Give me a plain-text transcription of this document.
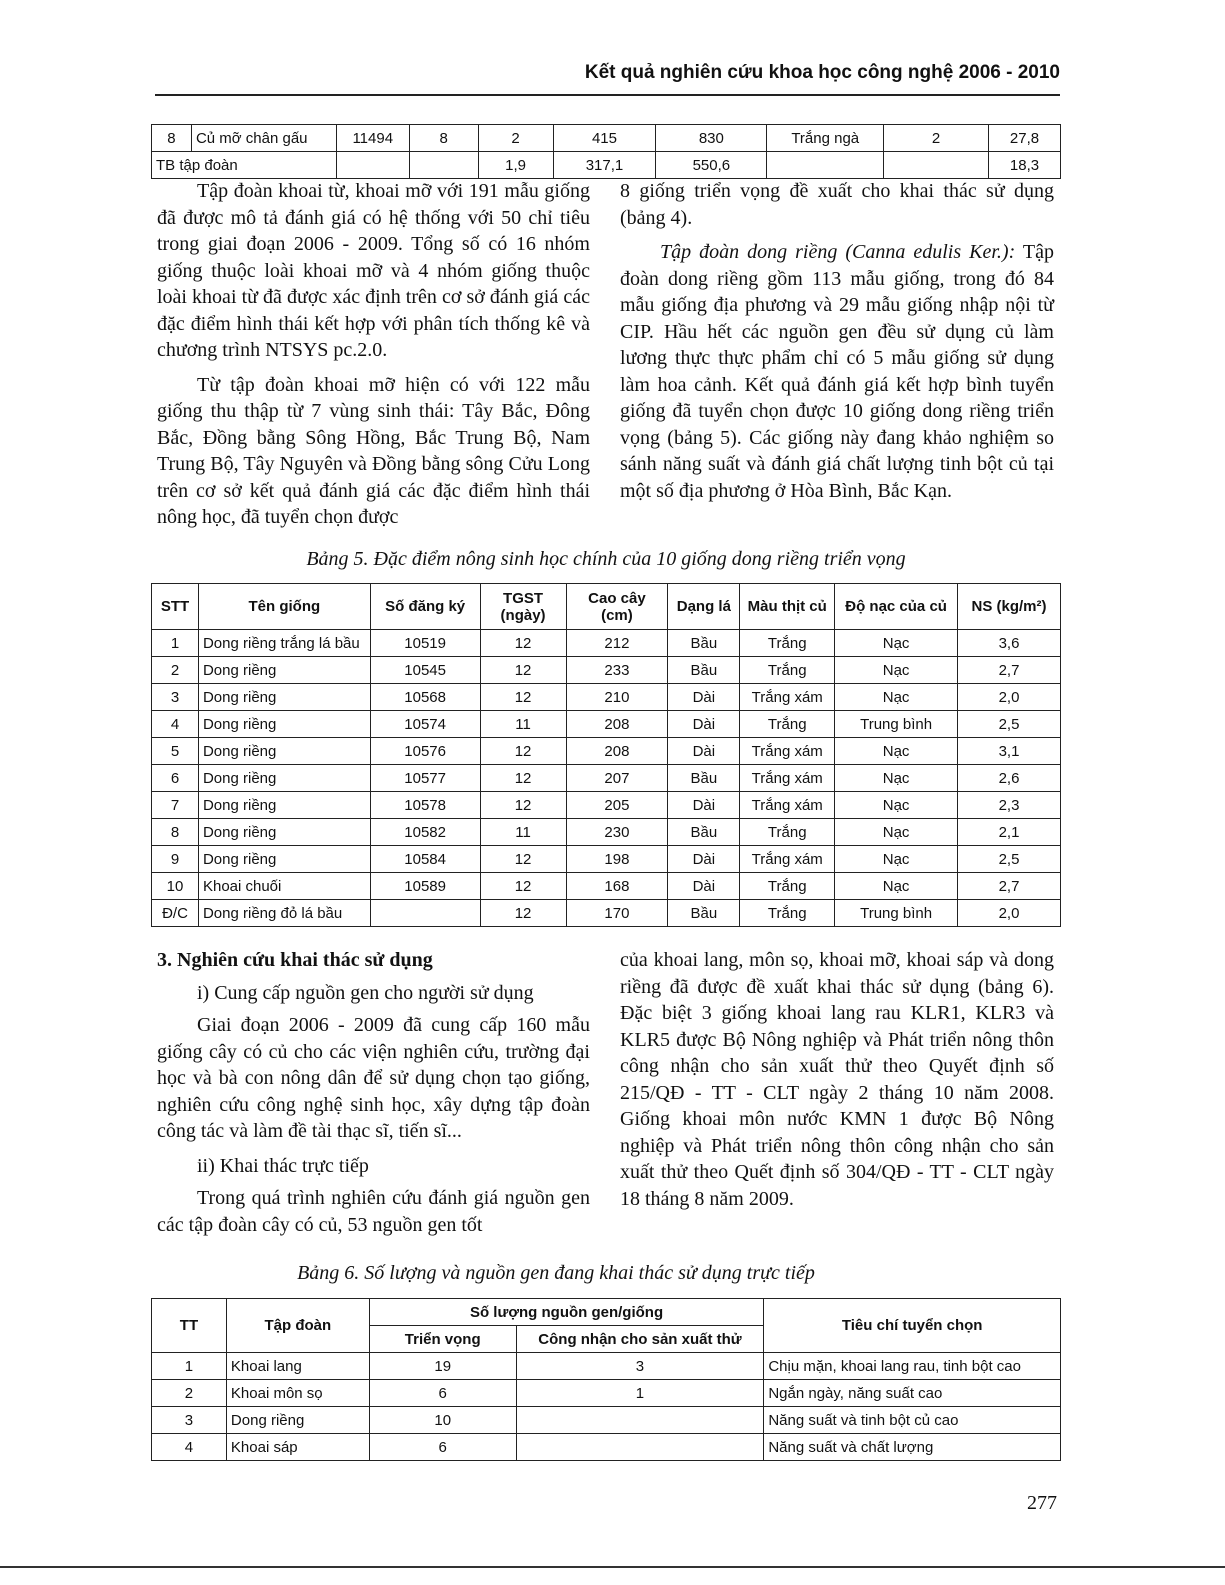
Kết quả nghiên cứu khoa học công nghệ 2006 - 2010
8	Củ mỡ chân gấu	11494	8	2	415	830	Trắng ngà	2	27,8
TB tập đoàn				1,9	317,1	550,6			18,3

Tập đoàn khoai từ, khoai mỡ với 191 mẫu giống đã được mô tả đánh giá có hệ thống với 50 chỉ tiêu trong giai đoạn 2006 - 2009. Tổng số có 16 nhóm giống thuộc loài khoai mỡ và 4 nhóm giống thuộc loài khoai từ đã được xác định trên cơ sở đánh giá các đặc điểm hình thái kết hợp với phân tích thống kê và chương trình NTSYS pc.2.0.

Từ tập đoàn khoai mỡ hiện có với 122 mẫu giống thu thập từ 7 vùng sinh thái: Tây Bắc, Đông Bắc, Đồng bằng Sông Hồng, Bắc Trung Bộ, Nam Trung Bộ, Tây Nguyên và Đồng bằng sông Cửu Long trên cơ sở kết quả đánh giá các đặc điểm hình thái nông học, đã tuyển chọn được

8 giống triển vọng đề xuất cho khai thác sử dụng (bảng 4).

Tập đoàn dong riềng (Canna edulis Ker.): Tập đoàn dong riềng gồm 113 mẫu giống, trong đó 84 mẫu giống địa phương và 29 mẫu giống nhập nội từ CIP. Hầu hết các nguồn gen đều sử dụng củ làm lương thực thực phẩm chỉ có 5 mẫu giống sử dụng làm hoa cảnh. Kết quả đánh giá kết hợp bình tuyển giống đã tuyển chọn được 10 giống dong riềng triển vọng (bảng 5). Các giống này đang khảo nghiệm so sánh năng suất và đánh giá chất lượng tinh bột củ tại một số địa phương ở Hòa Bình, Bắc Kạn.

Bảng 5. Đặc điểm nông sinh học chính của 10 giống dong riềng triển vọng
STT	Tên giống	Số đăng ký	TGST (ngày)	Cao cây (cm)	Dạng lá	Màu thịt củ	Độ nạc của củ	NS (kg/m²)
1	Dong riềng trắng lá bầu	10519	12	212	Bầu	Trắng	Nạc	3,6
2	Dong riềng	10545	12	233	Bầu	Trắng	Nạc	2,7
3	Dong riềng	10568	12	210	Dài	Trắng xám	Nạc	2,0
4	Dong riềng	10574	11	208	Dài	Trắng	Trung bình	2,5
5	Dong riềng	10576	12	208	Dài	Trắng xám	Nạc	3,1
6	Dong riềng	10577	12	207	Bầu	Trắng xám	Nạc	2,6
7	Dong riềng	10578	12	205	Dài	Trắng xám	Nạc	2,3
8	Dong riềng	10582	11	230	Bầu	Trắng	Nạc	2,1
9	Dong riềng	10584	12	198	Dài	Trắng xám	Nạc	2,5
10	Khoai chuối	10589	12	168	Dài	Trắng	Nạc	2,7
Đ/C	Dong riềng đỏ lá bầu		12	170	Bầu	Trắng	Trung bình	2,0
3. Nghiên cứu khai thác sử dụng

i) Cung cấp nguồn gen cho người sử dụng

Giai đoạn 2006 - 2009 đã cung cấp 160 mẫu giống cây có củ cho các viện nghiên cứu, trường đại học và bà con nông dân để sử dụng chọn tạo giống, nghiên cứu công nghệ sinh học, xây dựng tập đoàn công tác và làm đề tài thạc sĩ, tiến sĩ...

ii) Khai thác trực tiếp

Trong quá trình nghiên cứu đánh giá nguồn gen các tập đoàn cây có củ, 53 nguồn gen tốt

của khoai lang, môn sọ, khoai mỡ, khoai sáp và dong riềng đã được đề xuất khai thác sử dụng (bảng 6). Đặc biệt 3 giống khoai lang rau KLR1, KLR3 và KLR5 được Bộ Nông nghiệp và Phát triển nông thôn công nhận cho sản xuất thử theo Quyết định số 215/QĐ - TT - CLT ngày 2 tháng 10 năm 2008. Giống khoai môn nước KMN 1 được Bộ Nông nghiệp và Phát triển nông thôn công nhận cho sản xuất thử theo Quết định số 304/QĐ - TT - CLT ngày 18 tháng 8 năm 2009.

Bảng 6. Số lượng và nguồn gen đang khai thác sử dụng trực tiếp
TT	Tập đoàn	Số lượng nguồn gen/giống		Tiêu chí tuyển chọn
		Triển vọng	Công nhận cho sản xuất thử	
1	Khoai lang	19	3	Chịu mặn, khoai lang rau, tinh bột cao
2	Khoai môn sọ	6	1	Ngắn ngày, năng suất cao
3	Dong riềng	10		Năng suất và tinh bột củ cao
4	Khoai sáp	6		Năng suất và chất lượng
277
